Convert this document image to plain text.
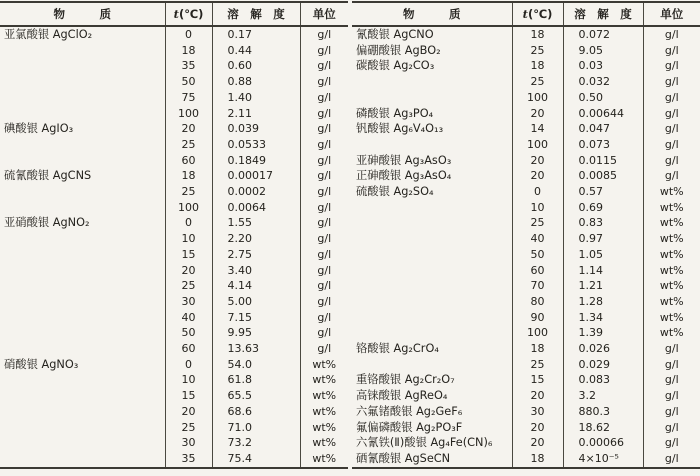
物　　　质	t(℃)	溶　解　度	单位
亚氯酸银 AgClO₂	0	0.17	g/l
	18	0.44	g/l
	35	0.60	g/l
	50	0.88	g/l
	75	1.40	g/l
	100	2.11	g/l
碘酸银 AgIO₃	20	0.039	g/l
	25	0.0533	g/l
	60	0.1849	g/l
硫氰酸银 AgCNS	18	0.00017	g/l
	25	0.0002	g/l
	100	0.0064	g/l
亚硝酸银 AgNO₂	0	1.55	g/l
	10	2.20	g/l
	15	2.75	g/l
	20	3.40	g/l
	25	4.14	g/l
	30	5.00	g/l
	40	7.15	g/l
	50	9.95	g/l
	60	13.63	g/l
硝酸银 AgNO₃	0	54.0	wt%
	10	61.8	wt%
	15	65.5	wt%
	20	68.6	wt%
	25	71.0	wt%
	30	73.2	wt%
	35	75.4	wt%
物　　　质	t(℃)	溶　解　度	单位
氰酸银 AgCNO	18	0.072	g/l
偏硼酸银 AgBO₂	25	9.05	g/l
碳酸银 Ag₂CO₃	18	0.03	g/l
	25	0.032	g/l
	100	0.50	g/l
磷酸银 Ag₃PO₄	20	0.00644	g/l
钒酸银 Ag₆V₄O₁₃	14	0.047	g/l
	100	0.073	g/l
亚砷酸银 Ag₃AsO₃	20	0.0115	g/l
正砷酸银 Ag₃AsO₄	20	0.0085	g/l
硫酸银 Ag₂SO₄	0	0.57	wt%
	10	0.69	wt%
	25	0.83	wt%
	40	0.97	wt%
	50	1.05	wt%
	60	1.14	wt%
	70	1.21	wt%
	80	1.28	wt%
	90	1.34	wt%
	100	1.39	wt%
铬酸银 Ag₂CrO₄	18	0.026	g/l
	25	0.029	g/l
重铬酸银 Ag₂Cr₂O₇	15	0.083	g/l
高铼酸银 AgReO₄	20	3.2	g/l
六氟锗酸银 Ag₂GeF₆	30	880.3	g/l
氟偏磷酸银 Ag₂PO₃F	20	18.62	g/l
六氰铁(Ⅱ)酸银 Ag₄Fe(CN)₆	20	0.00066	g/l
硒氰酸银 AgSeCN	18	4×10⁻⁵	g/l
